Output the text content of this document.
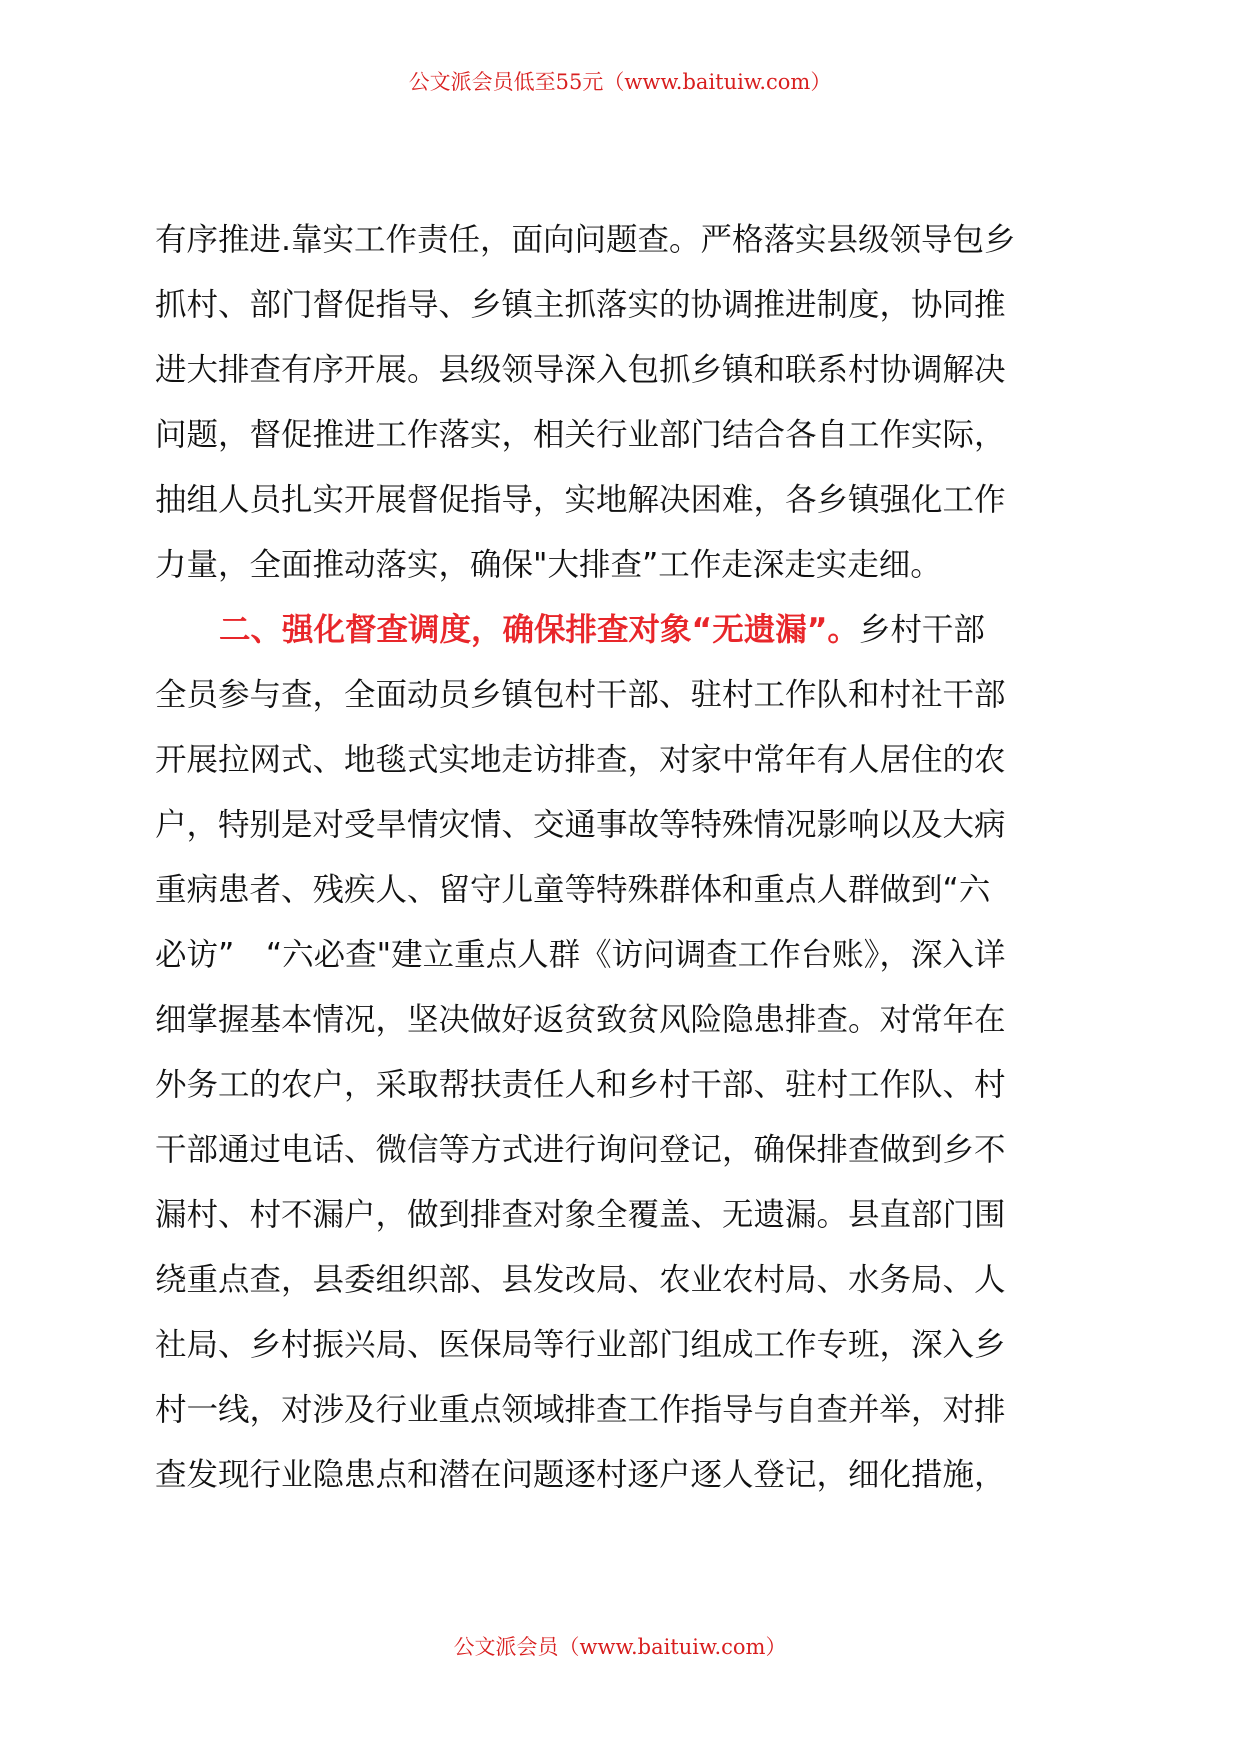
公文派会员低至55元（www.baituiw.com）
有序推进.靠实工作责任，面向问题查。严格落实县级领导包乡
抓村、部门督促指导、乡镇主抓落实的协调推进制度，协同推
进大排查有序开展。县级领导深入包抓乡镇和联系村协调解决
问题，督促推进工作落实，相关行业部门结合各自工作实际，
抽组人员扎实开展督促指导，实地解决困难，各乡镇强化工作
力量，全面推动落实，确保"大排查”工作走深走实走细。
二、强化督查调度，确保排查对象“无遗漏”。乡村干部
全员参与查，全面动员乡镇包村干部、驻村工作队和村社干部
开展拉网式、地毯式实地走访排查，对家中常年有人居住的农
户，特别是对受旱情灾情、交通事故等特殊情况影响以及大病
重病患者、残疾人、留守儿童等特殊群体和重点人群做到“六
必访”　“六必查"建立重点人群《访问调查工作台账》，深入详
细掌握基本情况，坚决做好返贫致贫风险隐患排查。对常年在
外务工的农户，采取帮扶责任人和乡村干部、驻村工作队、村
干部通过电话、微信等方式进行询问登记，确保排查做到乡不
漏村、村不漏户，做到排查对象全覆盖、无遗漏。县直部门围
绕重点查，县委组织部、县发改局、农业农村局、水务局、人
社局、乡村振兴局、医保局等行业部门组成工作专班，深入乡
村一线，对涉及行业重点领域排查工作指导与自查并举，对排
查发现行业隐患点和潜在问题逐村逐户逐人登记，细化措施，
公文派会员（www.baituiw.com）
